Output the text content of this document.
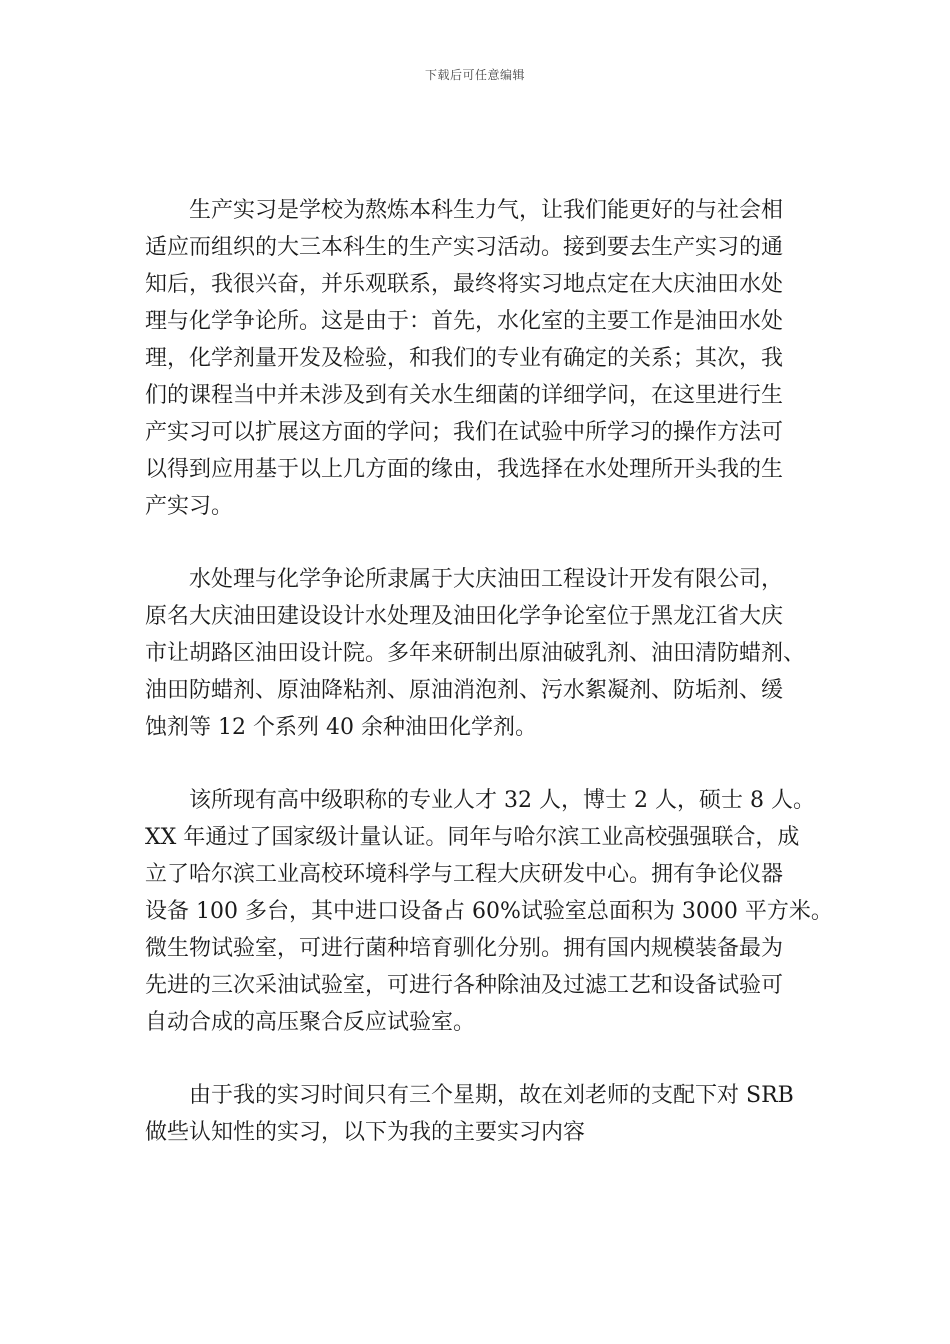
下载后可任意编辑
生产实习是学校为熬炼本科生力气，让我们能更好的与社会相
适应而组织的大三本科生的生产实习活动。接到要去生产实习的通
知后，我很兴奋，并乐观联系，最终将实习地点定在大庆油田水处
理与化学争论所。这是由于：首先，水化室的主要工作是油田水处
理，化学剂量开发及检验，和我们的专业有确定的关系；其次，我
们的课程当中并未涉及到有关水生细菌的详细学问，在这里进行生
产实习可以扩展这方面的学问；我们在试验中所学习的操作方法可
以得到应用基于以上几方面的缘由，我选择在水处理所开头我的生
产实习。
水处理与化学争论所隶属于大庆油田工程设计开发有限公司，
原名大庆油田建设设计水处理及油田化学争论室位于黑龙江省大庆
市让胡路区油田设计院。多年来研制出原油破乳剂、油田清防蜡剂、
油田防蜡剂、原油降粘剂、原油消泡剂、污水絮凝剂、防垢剂、缓
蚀剂等 12 个系列 40 余种油田化学剂。
该所现有高中级职称的专业人才 32 人，博士 2 人，硕士 8 人。
XX 年通过了国家级计量认证。同年与哈尔滨工业高校强强联合，成
立了哈尔滨工业高校环境科学与工程大庆研发中心。拥有争论仪器
设备 100 多台，其中进口设备占 60%试验室总面积为 3000 平方米。
微生物试验室，可进行菌种培育驯化分别。拥有国内规模装备最为
先进的三次采油试验室，可进行各种除油及过滤工艺和设备试验可
自动合成的高压聚合反应试验室。
由于我的实习时间只有三个星期，故在刘老师的支配下对 SRB
做些认知性的实习，以下为我的主要实习内容
